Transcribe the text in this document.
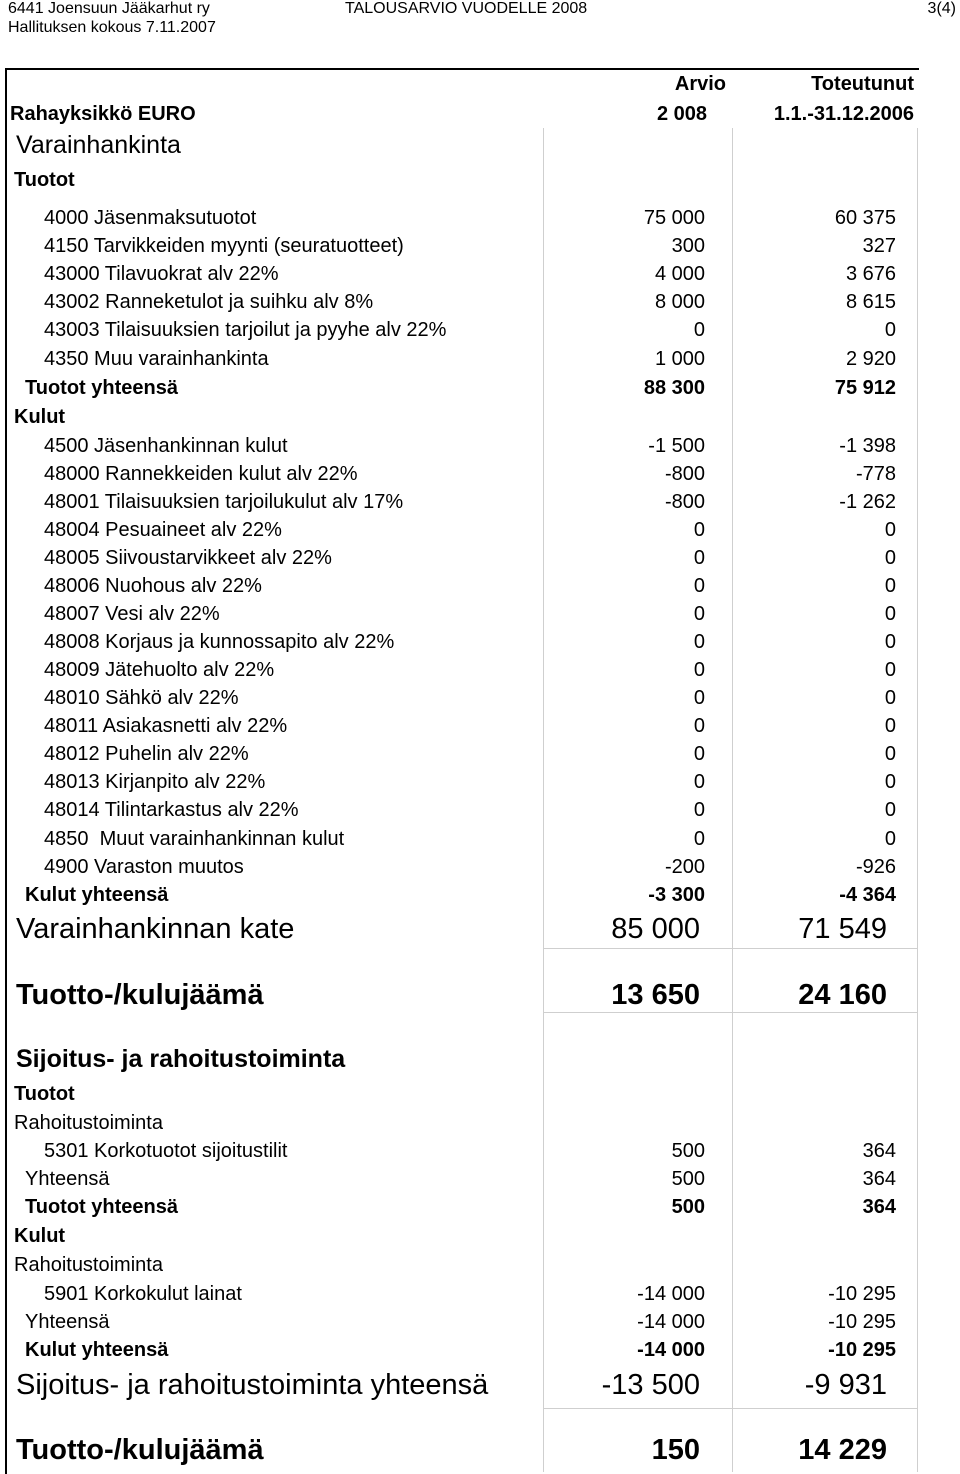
6441 Joensuun Jääkarhut ry
Hallituksen kokous 7.11.2007
TALOUSARVIO VUODELLE 2008	3(4)
Arvio	Toteutunut
Rahayksikkö EURO	2 008	1.1.-31.12.2006
Varainhankinta
Tuotot
4000 Jäsenmaksutuotot	75 000	60 375
4150 Tarvikkeiden myynti (seuratuotteet)	300	327
43000 Tilavuokrat alv 22%	4 000	3 676
43002 Ranneketulot ja suihku alv 8%	8 000	8 615
43003 Tilaisuuksien tarjoilut ja pyyhe alv 22%	0	0
4350 Muu varainhankinta	1 000	2 920
Tuotot yhteensä	88 300	75 912
Kulut
4500 Jäsenhankinnan kulut	-1 500	-1 398
48000 Rannekkeiden kulut alv 22%	-800	-778
48001 Tilaisuuksien tarjoilukulut alv 17%	-800	-1 262
48004 Pesuaineet alv 22%	0	0
48005 Siivoustarvikkeet alv 22%	0	0
48006 Nuohous alv 22%	0	0
48007 Vesi alv 22%	0	0
48008 Korjaus ja kunnossapito alv 22%	0	0
48009 Jätehuolto alv 22%	0	0
48010 Sähkö alv 22%	0	0
48011 Asiakasnetti alv 22%	0	0
48012 Puhelin alv 22%	0	0
48013 Kirjanpito alv 22%	0	0
48014 Tilintarkastus alv 22%	0	0
4850  Muut varainhankinnan kulut	0	0
4900 Varaston muutos	-200	-926
Kulut yhteensä	-3 300	-4 364
Varainhankinnan kate	85 000	71 549
Tuotto-/kulujäämä	13 650	24 160
Sijoitus- ja rahoitustoiminta
Tuotot
Rahoitustoiminta
5301 Korkotuotot sijoitustilit	500	364
Yhteensä	500	364
Tuotot yhteensä	500	364
Kulut
Rahoitustoiminta
5901 Korkokulut lainat	-14 000	-10 295
Yhteensä	-14 000	-10 295
Kulut yhteensä	-14 000	-10 295
Sijoitus- ja rahoitustoiminta yhteensä	-13 500	-9 931
Tuotto-/kulujäämä	150	14 229
